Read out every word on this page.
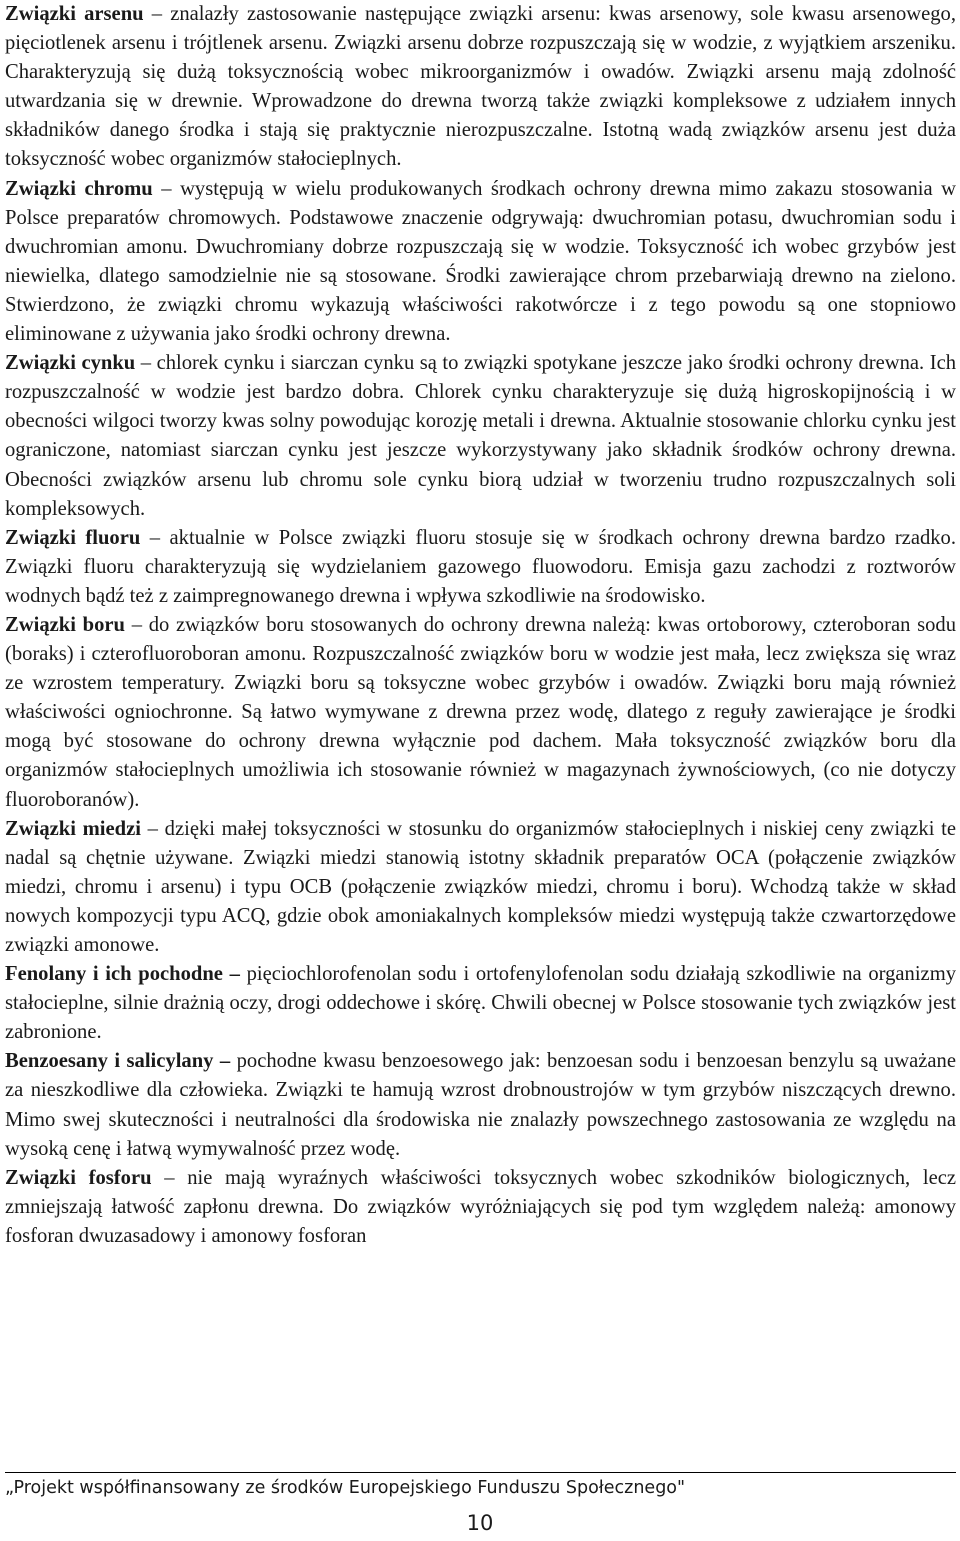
Związki arsenu – znalazły zastosowanie następujące związki arsenu: kwas arsenowy, sole kwasu arsenowego, pięciotlenek arsenu i trójtlenek arsenu. Związki arsenu dobrze rozpuszczają się w wodzie, z wyjątkiem arszeniku. Charakteryzują się dużą toksycznością wobec mikroorganizmów i owadów. Związki arsenu mają zdolność utwardzania się w drewnie. Wprowadzone do drewna tworzą także związki kompleksowe z udziałem innych składników danego środka i stają się praktycznie nierozpuszczalne. Istotną wadą związków arsenu jest duża toksyczność wobec organizmów stałocieplnych.

Związki chromu – występują w wielu produkowanych środkach ochrony drewna mimo zakazu stosowania w Polsce preparatów chromowych. Podstawowe znaczenie odgrywają: dwuchromian potasu, dwuchromian sodu i dwuchromian amonu. Dwuchromiany dobrze rozpuszczają się w wodzie. Toksyczność ich wobec grzybów jest niewielka, dlatego samodzielnie nie są stosowane. Środki zawierające chrom przebarwiają drewno na zielono. Stwierdzono, że związki chromu wykazują właściwości rakotwórcze i z tego powodu są one stopniowo eliminowane z używania jako środki ochrony drewna.

Związki cynku – chlorek cynku i siarczan cynku są to związki spotykane jeszcze jako środki ochrony drewna. Ich rozpuszczalność w wodzie jest bardzo dobra. Chlorek cynku charakteryzuje się dużą higroskopijnością i w obecności wilgoci tworzy kwas solny powodując korozję metali i drewna. Aktualnie stosowanie chlorku cynku jest ograniczone, natomiast siarczan cynku jest jeszcze wykorzystywany jako składnik środków ochrony drewna. Obecności związków arsenu lub chromu sole cynku biorą udział w tworzeniu trudno rozpuszczalnych soli kompleksowych.

Związki fluoru – aktualnie w Polsce związki fluoru stosuje się w środkach ochrony drewna bardzo rzadko. Związki fluoru charakteryzują się wydzielaniem gazowego fluowodoru. Emisja gazu zachodzi z roztworów wodnych bądź też z zaimpregnowanego drewna i wpływa szkodliwie na środowisko.

Związki boru – do związków boru stosowanych do ochrony drewna należą: kwas ortoborowy, czteroboran sodu (boraks) i czterofluoroboran amonu. Rozpuszczalność związków boru w wodzie jest mała, lecz zwiększa się wraz ze wzrostem temperatury. Związki boru są toksyczne wobec grzybów i owadów. Związki boru mają również właściwości ogniochronne. Są łatwo wymywane z drewna przez wodę, dlatego z reguły zawierające je środki mogą być stosowane do ochrony drewna wyłącznie pod dachem. Mała toksyczność związków boru dla organizmów stałocieplnych umożliwia ich stosowanie również w magazynach żywnościowych, (co nie dotyczy fluoroboranów).

Związki miedzi – dzięki małej toksyczności w stosunku do organizmów stałocieplnych i niskiej ceny związki te nadal są chętnie używane. Związki miedzi stanowią istotny składnik preparatów OCA (połączenie związków miedzi, chromu i arsenu) i typu OCB (połączenie związków miedzi, chromu i boru). Wchodzą także w skład nowych kompozycji typu ACQ, gdzie obok amoniakalnych kompleksów miedzi występują także czwartorzędowe związki amonowe.

Fenolany i ich pochodne – pięciochlorofenolan sodu i ortofenylofenolan sodu działają szkodliwie na organizmy stałocieplne, silnie drażnią oczy, drogi oddechowe i skórę. Chwili obecnej w Polsce stosowanie tych związków jest zabronione.

Benzoesany i salicylany – pochodne kwasu benzoesowego jak: benzoesan sodu i benzoesan benzylu są uważane za nieszkodliwe dla człowieka. Związki te hamują wzrost drobnoustrojów w tym grzybów niszczących drewno. Mimo swej skuteczności i neutralności dla środowiska nie znalazły powszechnego zastosowania ze względu na wysoką cenę i łatwą wymywalność przez wodę.

Związki fosforu – nie mają wyraźnych właściwości toksycznych wobec szkodników biologicznych, lecz zmniejszają łatwość zapłonu drewna. Do związków wyróżniających się pod tym względem należą: amonowy fosforan dwuzasadowy i amonowy fosforan

„Projekt współfinansowany ze środków Europejskiego Funduszu Społecznego"
10
